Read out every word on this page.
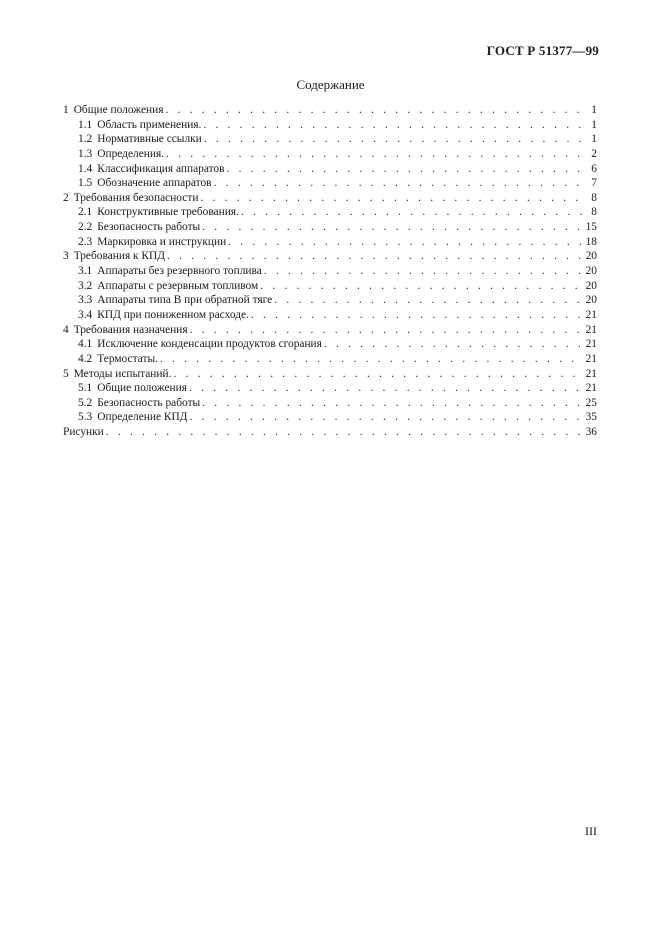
ГОСТ Р 51377—99
Содержание
1 Общие положения . . .	1
1.1 Область применения. . . .	1
1.2 Нормативные ссылки . . .	1
1.3 Определения. . . .	2
1.4 Классификация аппаратов . . .	6
1.5 Обозначение аппаратов . . .	7
2 Требования безопасности . . .	8
2.1 Конструктивные требования. . . .	8
2.2 Безопасность работы . . .	15
2.3 Маркировка и инструкции . . .	18
3 Требования к КПД . . .	20
3.1 Аппараты без резервного топлива . . .	20
3.2 Аппараты с резервным топливом . . .	20
3.3 Аппараты типа В при обратной тяге . . .	20
3.4 КПД при пониженном расходе. . . .	21
4 Требования назначения . . .	21
4.1 Исключение конденсации продуктов сгорания . . .	21
4.2 Термостаты. . . .	21
5 Методы испытаний. . . .	21
5.1 Общие положения . . .	21
5.2 Безопасность работы . . .	25
5.3 Определение КПД . . .	35
Рисунки . . .	36
III
